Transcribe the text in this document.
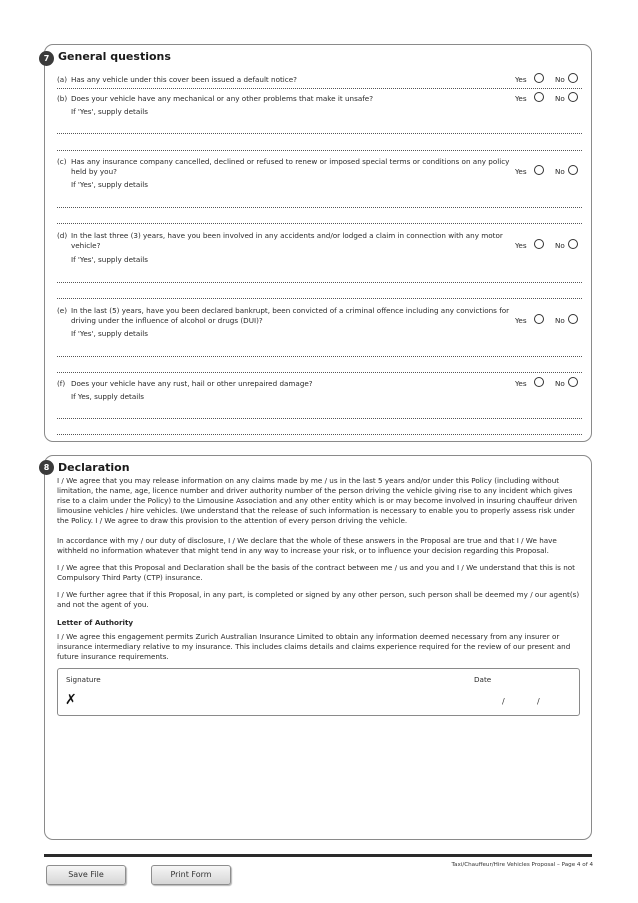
7 General questions
(a) Has any vehicle under this cover been issued a default notice?	Yes	No
(b) Does your vehicle have any mechanical or any other problems that make it unsafe?	Yes	No
If 'Yes', supply details
(c) Has any insurance company cancelled, declined or refused to renew or imposed special terms or conditions on any policy held by you?	Yes	No
If 'Yes', supply details
(d) In the last three (3) years, have you been involved in any accidents and/or lodged a claim in connection with any motor vehicle?	Yes	No
If 'Yes', supply details
(e) In the last (5) years, have you been declared bankrupt, been convicted of a criminal offence including any convictions for driving under the influence of alcohol or drugs (DUI)?	Yes	No
If 'Yes', supply details
(f) Does your vehicle have any rust, hail or other unrepaired damage?	Yes	No
If Yes, supply details
8 Declaration

I / We agree that you may release information on any claims made by me / us in the last 5 years and/or under this Policy (including without limitation, the name, age, licence number and driver authority number of the person driving the vehicle giving rise to any incident which gives rise to a claim under the Policy) to the Limousine Association and any other entity which is or may become involved in insuring chauffeur driven limousine vehicles / hire vehicles. I/we understand that the release of such information is necessary to enable you to properly assess risk under the Policy. I / We agree to draw this provision to the attention of every person driving the vehicle.

In accordance with my / our duty of disclosure, I / We declare that the whole of these answers in the Proposal are true and that I / We have withheld no information whatever that might tend in any way to increase your risk, or to influence your decision regarding this Proposal.

I / We agree that this Proposal and Declaration shall be the basis of the contract between me / us and you and I / We understand that this is not Compulsory Third Party (CTP) insurance.

I / We further agree that if this Proposal, in any part, is completed or signed by any other person, such person shall be deemed my / our agent(s) and not the agent of you.

Letter of Authority

I / We agree this engagement permits Zurich Australian Insurance Limited to obtain any information deemed necessary from any insurer or insurance intermediary relative to my insurance. This includes claims details and claims experience required for the review of our present and future insurance requirements.

Signature	Date
✗	/	/
Save File	Print Form
Taxi/Chauffeur/Hire Vehicles Proposal – Page 4 of 4
